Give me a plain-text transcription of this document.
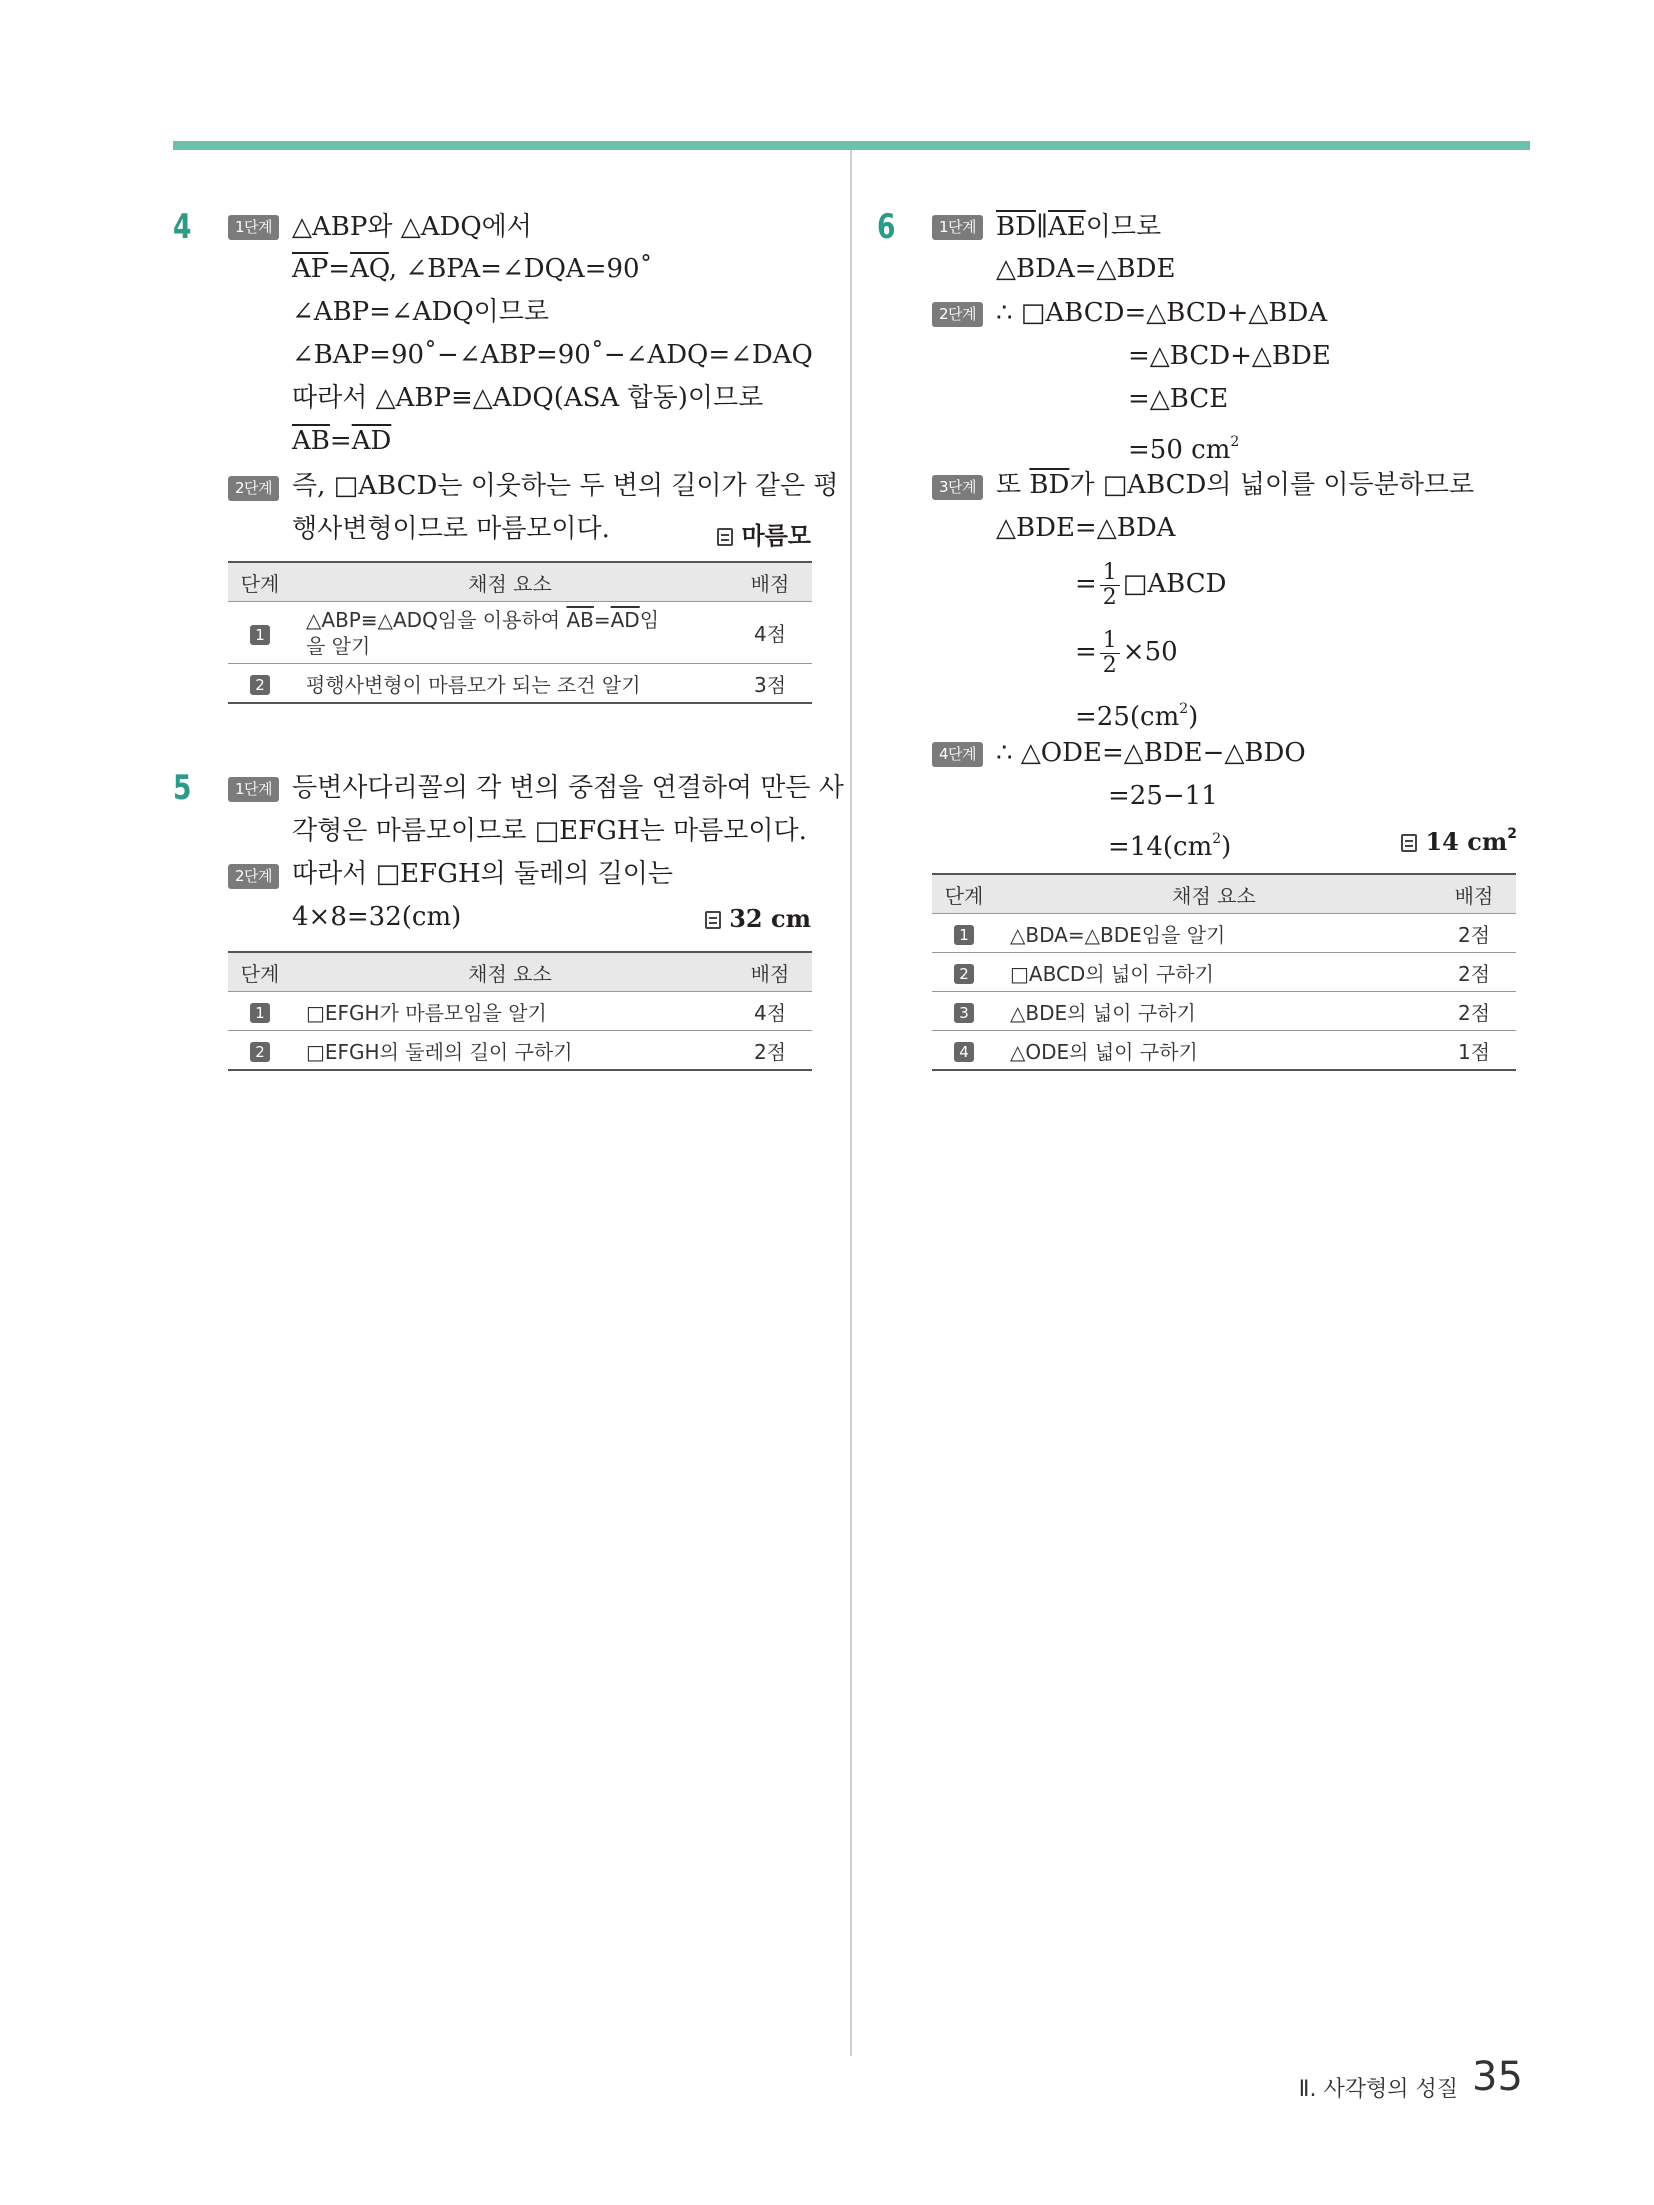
4	1단계 △ABP와 △ADQ에서
$\overline{AP}=\overline{AQ}$, ∠BPA=∠DQA=90˚
∠ABP=∠ADQ이므로
∠BAP=90˚−∠ABP=90˚−∠ADQ=∠DAQ
따라서 △ABP≡△ADQ(ASA 합동)이므로
$\overline{AB}=\overline{AD}$
2단계 즉, □ABCD는 이웃하는 두 변의 길이가 같은 평
행사변형이므로 마름모이다.	마름모
단계	채점 요소	배점
1	△ABP≡△ADQ임을 이용하여 $\overline{AB}=\overline{AD}$임
을 알기	4점
2	평행사변형이 마름모가 되는 조건 알기	3점
5	1단계 등변사다리꼴의 각 변의 중점을 연결하여 만든 사
각형은 마름모이므로 □EFGH는 마름모이다.
2단계 따라서 □EFGH의 둘레의 길이는
4×8=32(cm)	32 cm
단계	채점 요소	배점
1	□EFGH가 마름모임을 알기	4점
2	□EFGH의 둘레의 길이 구하기	2점
6	1단계 $\overline{BD}\parallel\overline{AE}$이므로
△BDA=△BDE
2단계 ∴ □ABCD=△BCD+△BDA
=△BCD+△BDE
=△BCE
=50 $cm^2$
3단계 또 $\overline{BD}$가 □ABCD의 넓이를 이등분하므로
△BDE=△BDA
= $\frac{1}{2}$ □ABCD
= $\frac{1}{2} \times 50$
$=25(cm^2)$
4단계 ∴ △ODE=△BDE−△BDO
=25−11
$=14(cm^2)$	14 $cm^2$
단계	채점 요소	배점
1	△BDA=△BDE임을 알기	2점
2	□ABCD의 넓이 구하기	2점
3	△BDE의 넓이 구하기	2점
4	△ODE의 넓이 구하기	1점
Ⅱ. 사각형의 성질 35
